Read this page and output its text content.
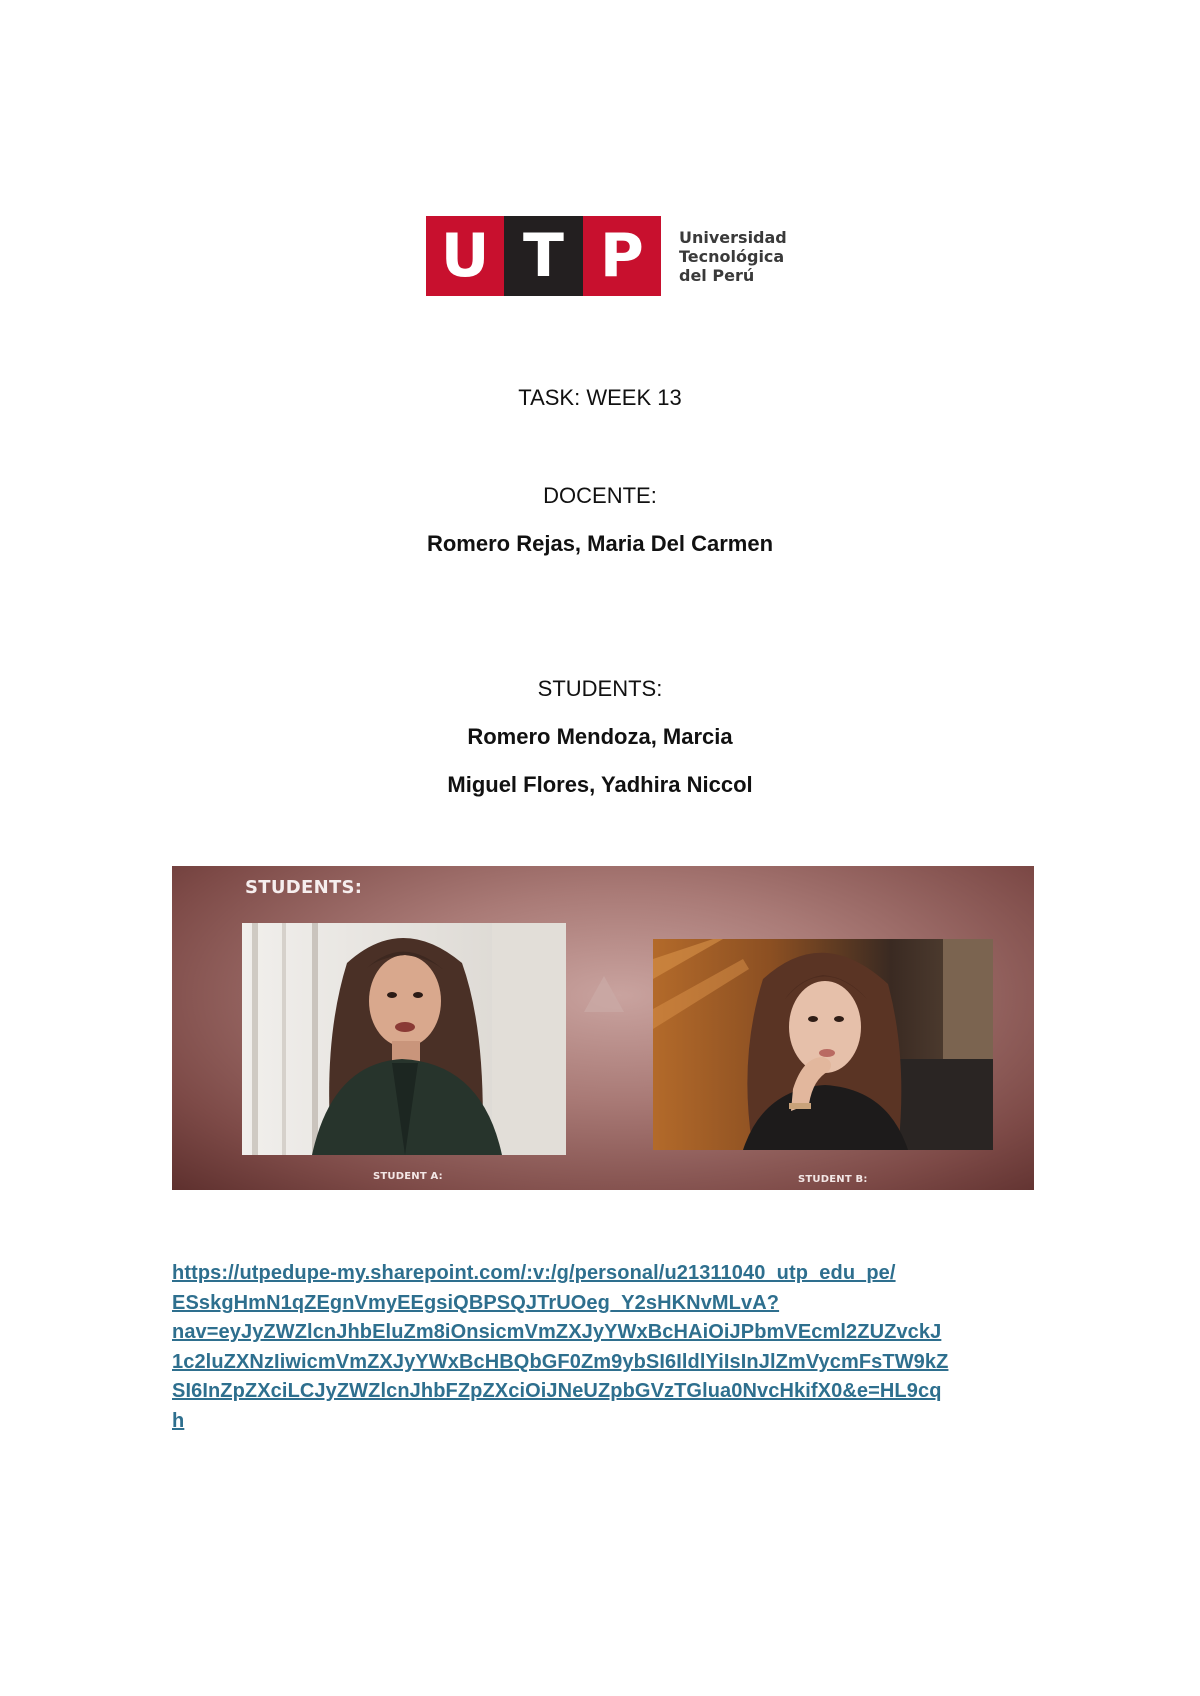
U T P	Universidad
Tecnológica
del Perú
TASK: WEEK 13
DOCENTE:
Romero Rejas, Maria Del Carmen
STUDENTS:
Romero Mendoza, Marcia
Miguel Flores, Yadhira Niccol
STUDENTS:
STUDENT A:	STUDENT B:
https://utpedupe-my.sharepoint.com/:v:/g/personal/u21311040_utp_edu_pe/
ESskgHmN1qZEgnVmyEEgsiQBPSQJTrUOeg_Y2sHKNvMLvA?
nav=eyJyZWZlcnJhbEluZm8iOnsicmVmZXJyYWxBcHAiOiJPbmVEcml2ZUZvckJ
1c2luZXNzIiwicmVmZXJyYWxBcHBQbGF0Zm9ybSI6IldlYiIsInJlZmVycmFsTW9kZ
SI6InZpZXciLCJyZWZlcnJhbFZpZXciOiJNeUZpbGVzTGlua0NvcHkifX0&e=HL9cq
h
